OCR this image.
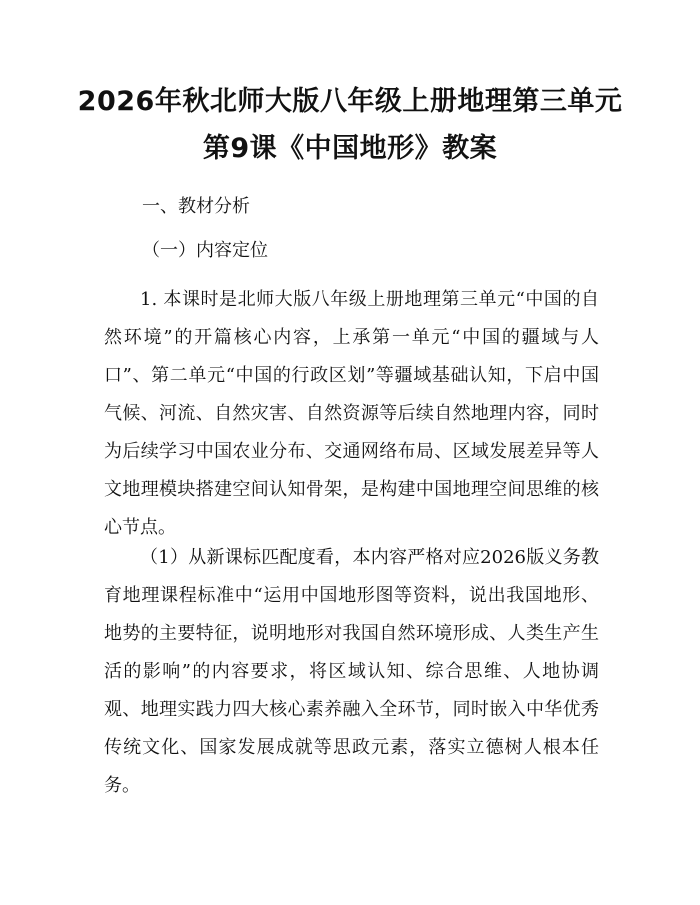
2026年秋北师大版八年级上册地理第三单元
第9课《中国地形》教案
一、教材分析
（一）内容定位

1. 本课时是北师大版八年级上册地理第三单元“中国的自然环境”的开篇核心内容，上承第一单元“中国的疆域与人口”、第二单元“中国的行政区划”等疆域基础认知，下启中国气候、河流、自然灾害、自然资源等后续自然地理内容，同时为后续学习中国农业分布、交通网络布局、区域发展差异等人文地理模块搭建空间认知骨架，是构建中国地理空间思维的核心节点。

（1）从新课标匹配度看，本内容严格对应2026版义务教育地理课程标准中“运用中国地形图等资料，说出我国地形、地势的主要特征，说明地形对我国自然环境形成、人类生产生活的影响”的内容要求，将区域认知、综合思维、人地协调观、地理实践力四大核心素养融入全环节，同时嵌入中华优秀传统文化、国家发展成就等思政元素，落实立德树人根本任务。
